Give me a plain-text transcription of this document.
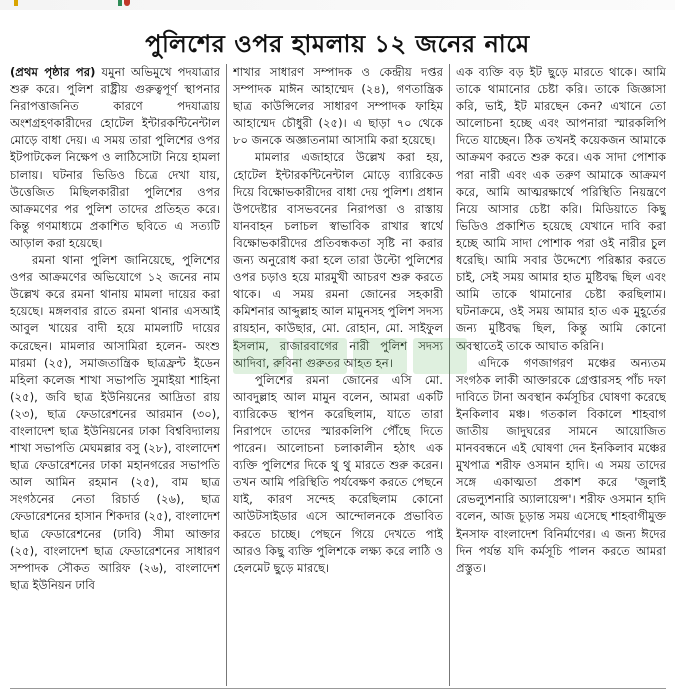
পুলিশের ওপর হামলায় ১২ জনের নামে

(প্রথম পৃষ্ঠার পর) যমুনা অভিমুখে পদযাত্রার শুরু করে। পুলিশ রাষ্ট্রীয় গুরুত্বপূর্ণ স্থাপনার নিরাপত্তাজনিত কারণে পদযাত্রায় অংশগ্রহণকারীদের হোটেল ইন্টারকন্টিনেন্টাল মোড়ে বাধা দেয়। এ সময় তারা পুলিশের ওপর ইটপাটকেল নিক্ষেপ ও লাঠিসোটা নিয়ে হামলা চালায়। ঘটনার ভিডিও চিত্রে দেখা যায়, উত্তেজিত মিছিলকারীরা পুলিশের ওপর আক্রমণের পর পুলিশ তাদের প্রতিহত করে। কিন্তু গণমাধ্যমে প্রকাশিত ছবিতে এ সত্যটি আড়াল করা হয়েছে।

রমনা থানা পুলিশ জানিয়েছে, পুলিশের ওপর আক্রমণের অভিযোগে ১২ জনের নাম উল্লেখ করে রমনা থানায় মামলা দায়ের করা হয়েছে। মঙ্গলবার রাতে রমনা থানার এসআই আবুল খায়ের বাদী হয়ে মামলাটি দায়ের করেছেন। মামলার আসামিরা হলেন- অংশু মারমা (২৫), সমাজতান্ত্রিক ছাত্রফ্রন্ট ইডেন মহিলা কলেজ শাখা সভাপতি সুমাইয়া শাহিনা (২৫), জবি ছাত্র ইউনিয়নের আদ্রিতা রায় (২৩), ছাত্র ফেডারেশনের আরমান (৩০), বাংলাদেশ ছাত্র ইউনিয়নের ঢাকা বিশ্ববিদ্যালয় শাখা সভাপতি মেঘমল্লার বসু (২৮), বাংলাদেশ ছাত্র ফেডারেশনের ঢাকা মহানগরের সভাপতি আল আমিন রহমান (২৫), বাম ছাত্র সংগঠনের নেতা রিচার্ড (২৬), ছাত্র ফেডারেশনের হাসান শিকদার (২৫), বাংলাদেশ ছাত্র ফেডারেশনের (ঢাবি) সীমা আক্তার (২৫), বাংলাদেশ ছাত্র ফেডারেশনের সাধারণ সম্পাদক সৌকত আরিফ (২৬), বাংলাদেশ ছাত্র ইউনিয়ন ঢাবি

শাখার সাধারণ সম্পাদক ও কেন্দ্রীয় দপ্তর সম্পাদক মাঈন আহাম্মেদ (২৪), গণতান্ত্রিক ছাত্র কাউন্সিলের সাধারণ সম্পাদক ফাহিম আহাম্মেদ চৌধুরী (২৫)। এ ছাড়া ৭০ থেকে ৮০ জনকে অজ্ঞাতনামা আসামি করা হয়েছে।

মামলার এজাহারে উল্লেখ করা হয়, হোটেল ইন্টারকন্টিনেন্টাল মোড়ে ব্যারিকেড দিয়ে বিক্ষোভকারীদের বাধা দেয় পুলিশ। প্রধান উপদেষ্টার বাসভবনের নিরাপত্তা ও রাস্তায় যানবাহন চলাচল স্বাভাবিক রাখার স্বার্থে বিক্ষোভকারীদের প্রতিবন্ধকতা সৃষ্টি না করার জন্য অনুরোধ করা হলে তারা উল্টো পুলিশের ওপর চড়াও হয়ে মারমুখী আচরণ শুরু করতে থাকে। এ সময় রমনা জোনের সহকারী কমিশনার আব্দুল্লাহ আল মামুনসহ পুলিশ সদস্য রায়হান, কাউছার, মো. রোহান, মো. সাইফুল ইসলাম, রাজারবাগের নারী পুলিশ সদস্য আদিবা, রুবিনা গুরুতর আহত হন।

পুলিশের রমনা জোনের এসি মো. আবদুল্লাহ আল মামুন বলেন, আমরা একটি ব্যারিকেড স্থাপন করেছিলাম, যাতে তারা নিরাপদে তাদের স্মারকলিপি পৌঁছে দিতে পারেন। আলোচনা চলাকালীন হঠাৎ এক ব্যক্তি পুলিশের দিকে থু থু মারতে শুরু করেন। তখন আমি পরিস্থিতি পর্যবেক্ষণ করতে পেছনে যাই, কারণ সন্দেহ করেছিলাম কোনো আউটসাইডার এসে আন্দোলনকে প্রভাবিত করতে চাচ্ছে। পেছনে গিয়ে দেখতে পাই আরও কিছু ব্যক্তি পুলিশকে লক্ষ্য করে লাঠি ও হেলমেট ছুড়ে মারছে।

এক ব্যক্তি বড় ইট ছুড়ে মারতে থাকে। আমি তাকে থামানোর চেষ্টা করি। তাকে জিজ্ঞাসা করি, ভাই, ইট মারছেন কেন? এখানে তো আলোচনা হচ্ছে এবং আপনারা স্মারকলিপি দিতে যাচ্ছেন। ঠিক তখনই কয়েকজন আমাকে আক্রমণ করতে শুরু করে। এক সাদা পোশাক পরা নারী এবং এক তরুণ আমাকে আক্রমণ করে, আমি আত্মরক্ষার্থে পরিস্থিতি নিয়ন্ত্রণে নিয়ে আসার চেষ্টা করি। মিডিয়াতে কিছু ভিডিও প্রকাশিত হয়েছে যেখানে দাবি করা হচ্ছে আমি সাদা পোশাক পরা ওই নারীর চুল ধরেছি। আমি সবার উদ্দেশ্যে পরিষ্কার করতে চাই, সেই সময় আমার হাত মুষ্টিবদ্ধ ছিল এবং আমি তাকে থামানোর চেষ্টা করছিলাম। ঘটনাক্রমে, ওই সময় আমার হাত এক মুহূর্তের জন্য মুষ্টিবদ্ধ ছিল, কিন্তু আমি কোনো অবস্থাতেই তাকে আঘাত করিনি।

এদিকে গণজাগরণ মঞ্চের অন্যতম সংগঠক লাকী আক্তারকে গ্রেপ্তারসহ পাঁচ দফা দাবিতে টানা অবস্থান কর্মসূচির ঘোষণা করেছে ইনকিলাব মঞ্চ। গতকাল বিকালে শাহবাগ জাতীয় জাদুঘরের সামনে আয়োজিত মানববন্ধনে এই ঘোষণা দেন ইনকিলাব মঞ্চের মুখপাত্র শরীফ ওসমান হাদি। এ সময় তাদের সঙ্গে একাত্মতা প্রকাশ করে 'জুলাই রেভল্যুশনারি অ্যালায়েন্স'। শরীফ ওসমান হাদি বলেন, আজ চূড়ান্ত সময় এসেছে শাহবাগীমুক্ত ইনসাফ বাংলাদেশ বিনির্মাণের। এ জন্য ঈদের দিন পর্যন্ত যদি কর্মসূচি পালন করতে আমরা প্রস্তুত।
